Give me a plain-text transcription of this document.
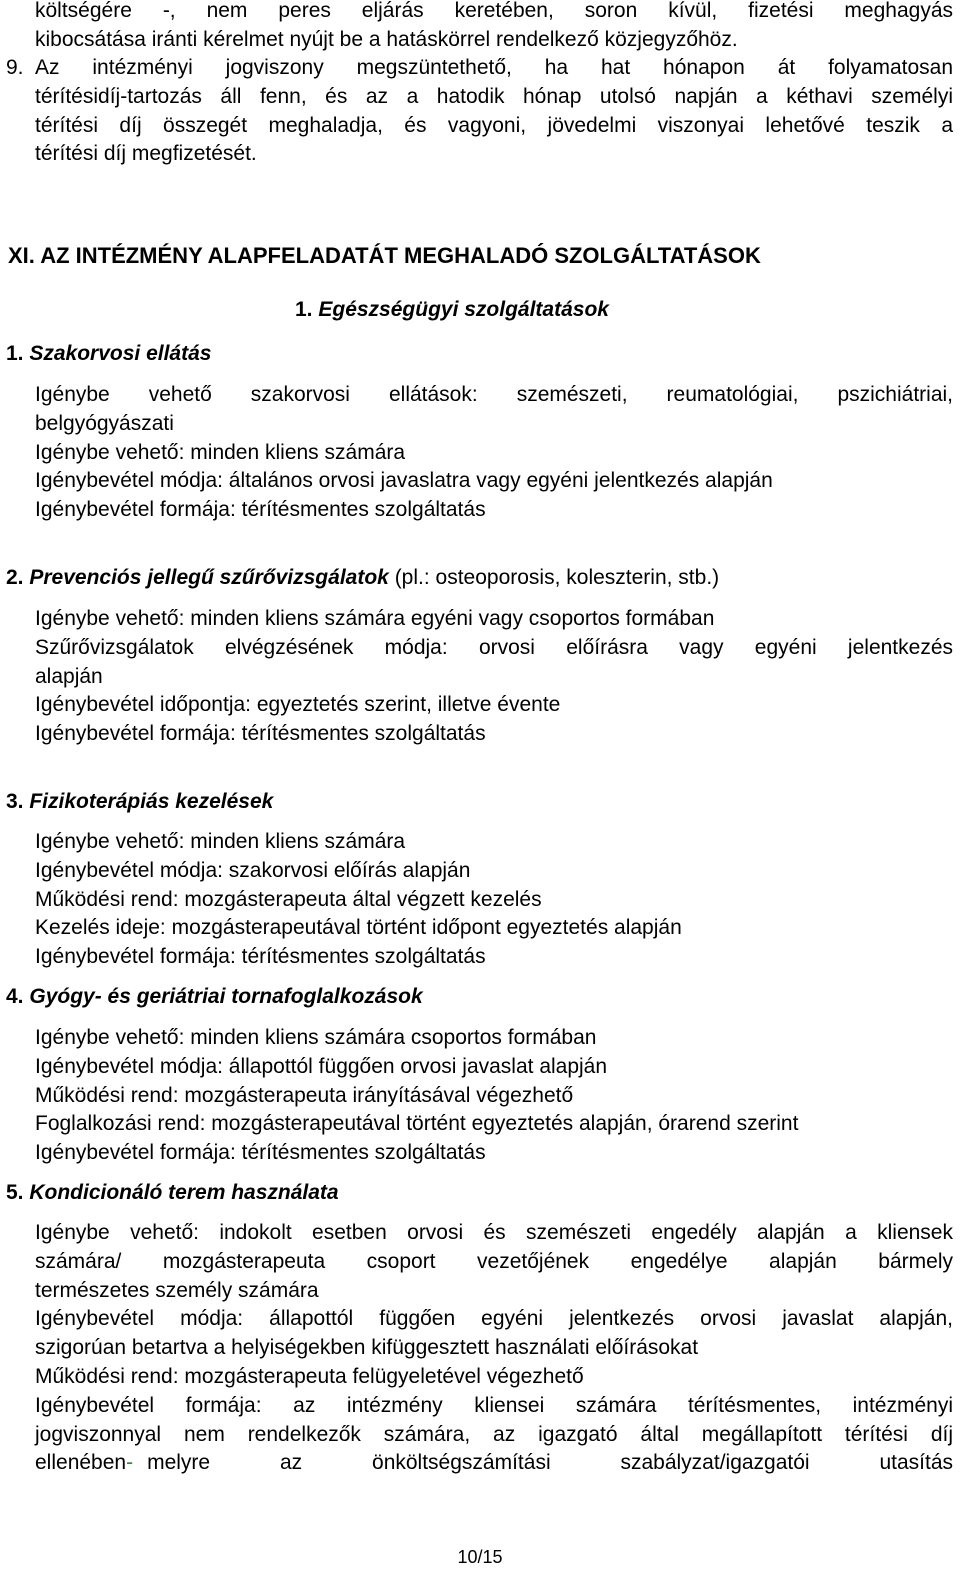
költségére -, nem peres eljárás keretében, soron kívül, fizetési meghagyás

kibocsátása iránti kérelmet nyújt be a hatáskörrel rendelkező közjegyzőhöz.

9. Az intézményi jogviszony megszüntethető, ha hat hónapon át folyamatosan

térítésidíj-tartozás áll fenn, és az a hatodik hónap utolsó napján a kéthavi személyi

térítési díj összegét meghaladja, és vagyoni, jövedelmi viszonyai lehetővé teszik a

térítési díj megfizetését.

XI. AZ INTÉZMÉNY ALAPFELADATÁT MEGHALADÓ SZOLGÁLTATÁSOK
1. Egészségügyi szolgáltatások
1. Szakorvosi ellátás

Igénybe vehető szakorvosi ellátások: szemészeti, reumatológiai, pszichiátriai,

belgyógyászati

Igénybe vehető: minden kliens számára

Igénybevétel módja: általános orvosi javaslatra vagy egyéni jelentkezés alapján

Igénybevétel formája: térítésmentes szolgáltatás

2. Prevenciós jellegű szűrővizsgálatok (pl.: osteoporosis, koleszterin, stb.)

Igénybe vehető: minden kliens számára egyéni vagy csoportos formában

Szűrővizsgálatok elvégzésének módja: orvosi előírásra vagy egyéni jelentkezés

alapján

Igénybevétel időpontja: egyeztetés szerint, illetve évente

Igénybevétel formája: térítésmentes szolgáltatás

3. Fizikoterápiás kezelések

Igénybe vehető: minden kliens számára

Igénybevétel módja: szakorvosi előírás alapján

Működési rend: mozgásterapeuta által végzett kezelés

Kezelés ideje: mozgásterapeutával történt időpont egyeztetés alapján

Igénybevétel formája: térítésmentes szolgáltatás

4. Gyógy- és geriátriai tornafoglalkozások

Igénybe vehető: minden kliens számára csoportos formában

Igénybevétel módja: állapottól függően orvosi javaslat alapján

Működési rend: mozgásterapeuta irányításával végezhető

Foglalkozási rend: mozgásterapeutával történt egyeztetés alapján, órarend szerint

Igénybevétel formája: térítésmentes szolgáltatás

5. Kondicionáló terem használata

Igénybe vehető: indokolt esetben orvosi és szemészeti engedély alapján a kliensek

számára/ mozgásterapeuta csoport vezetőjének engedélye alapján bármely

természetes személy számára

Igénybevétel módja: állapottól függően egyéni jelentkezés orvosi javaslat alapján,

szigorúan betartva a helyiségekben kifüggesztett használati előírásokat

Működési rend: mozgásterapeuta felügyeletével végezhető

Igénybevétel formája: az intézmény kliensei számára térítésmentes, intézményi

jogviszonnyal nem rendelkezők számára, az igazgató által megállapított térítési díj

ellenében - melyre az önköltségszámítási szabályzat/igazgatói utasítás

10/15
